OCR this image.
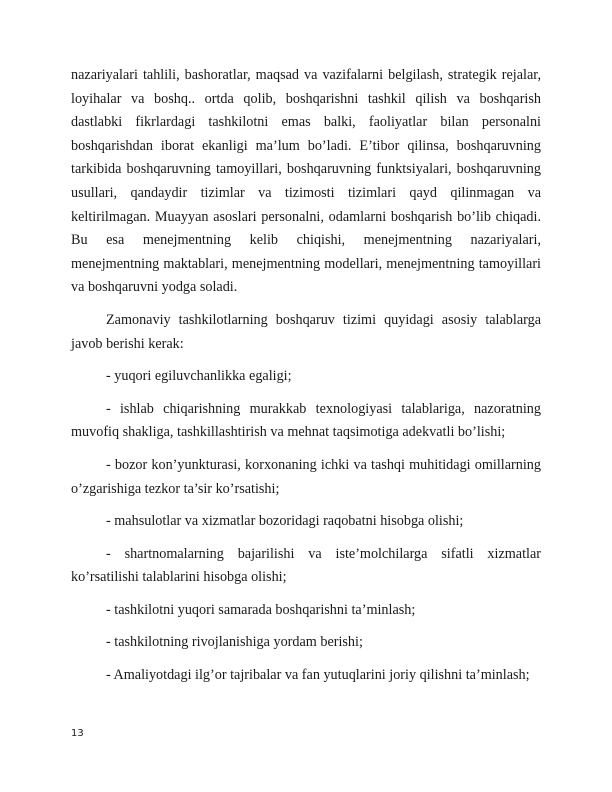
nazariyalari tahlili, bashoratlar, maqsad va vazifalarni belgilash, strategik rejalar, loyihalar va boshq.. ortda qolib, boshqarishni tashkil qilish va boshqarish dastlabki fikrlardagi tashkilotni emas balki, faoliyatlar bilan personalni boshqarishdan iborat ekanligi ma’lum bo’ladi. E’tibor qilinsa, boshqaruvning tarkibida boshqaruvning tamoyillari, boshqaruvning funktsiyalari, boshqaruvning usullari, qandaydir tizimlar va tizimosti tizimlari qayd qilinmagan va keltirilmagan. Muayyan asoslari personalni, odamlarni boshqarish bo’lib chiqadi. Bu esa menejmentning kelib chiqishi, menejmentning nazariyalari, menejmentning maktablari, menejmentning modellari, menejmentning tamoyillari va boshqaruvni yodga soladi.

Zamonaviy tashkilotlarning boshqaruv tizimi quyidagi asosiy talablarga javob berishi kerak:

- yuqori egiluvchanlikka egaligi;

- ishlab chiqarishning murakkab texnologiyasi talablariga, nazoratning muvofiq shakliga, tashkillashtirish va mehnat taqsimotiga adekvatli bo’lishi;

- bozor kon’yunkturasi, korxonaning ichki va tashqi muhitidagi omillarning o’zgarishiga tezkor ta’sir ko’rsatishi;

- mahsulotlar va xizmatlar bozoridagi raqobatni hisobga olishi;

- shartnomalarning bajarilishi va iste’molchilarga sifatli xizmatlar ko’rsatilishi talablarini hisobga olishi;

- tashkilotni yuqori samarada boshqarishni ta’minlash;

- tashkilotning rivojlanishiga yordam berishi;

- Amaliyotdagi ilg’or tajribalar va fan yutuqlarini joriy qilishni ta’minlash;

13
